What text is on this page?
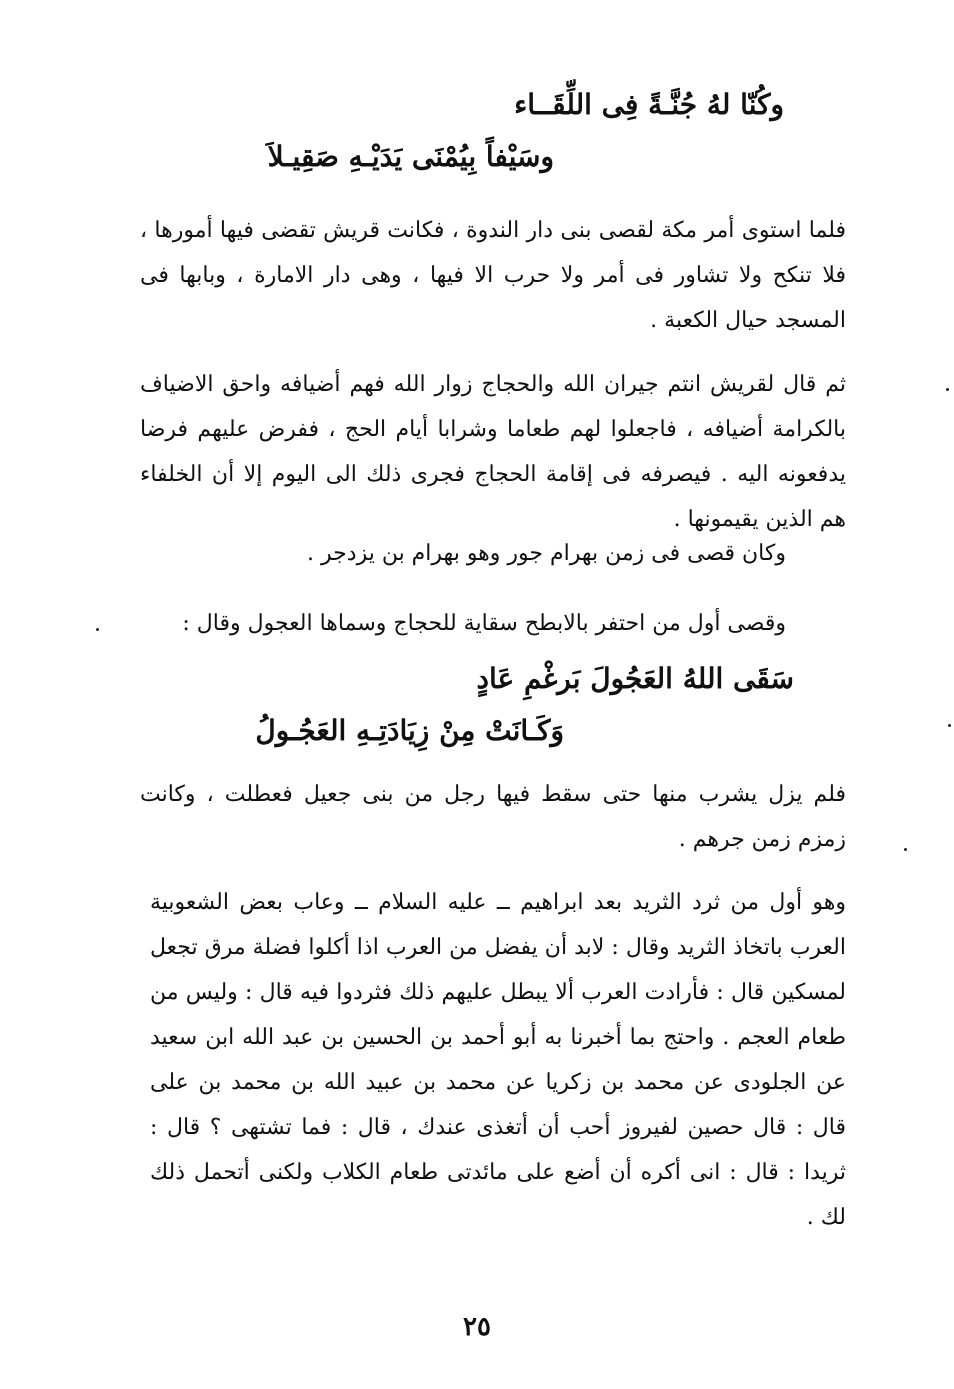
وكُنّا لهُ جُنَّـةً فِى اللِّقَــاء
وسَيْفاً بِيُمْنَى يَدَيْـهِ صَقِيـلاَ
فلما استوى أمر مكة لقصى بنى دار الندوة ، فكانت قريش تقضى فيها أمورها ، فلا تنكح ولا تشاور فى أمر ولا حرب الا فيها ، وهى دار الامارة ، وبابها فى المسجد حيال الكعبة .
ثم قال لقريش انتم جيران الله والحجاج زوار الله فهم أضيافه واحق الاضياف بالكرامة أضيافه ، فاجعلوا لهم طعاما وشرابا أيام الحج ، ففرض عليهم فرضا يدفعونه اليه . فيصرفه فى إقامة الحجاج فجرى ذلك الى اليوم إلا أن الخلفاء هم الذين يقيمونها .
وكان قصى فى زمن بهرام جور وهو بهرام بن يزدجر .
وقصى أول من احتفر بالابطح سقاية للحجاج وسماها العجول وقال :
سَقَى اللهُ العَجُولَ بَرغْمِ عَادٍ
وَكَـانَتْ مِنْ زِيَادَتِـهِ العَجُـولُ
فلم يزل يشرب منها حتى سقط فيها رجل من بنى جعيل فعطلت ، وكانت زمزم زمن جرهم .
وهو أول من ثرد الثريد بعد ابراهيم ــ عليه السلام ــ وعاب بعض الشعوبية العرب باتخاذ الثريد وقال : لابد أن يفضل من العرب اذا أكلوا فضلة مرق تجعل لمسكين قال : فأرادت العرب ألا يبطل عليهم ذلك فثردوا فيه قال : وليس من طعام العجم . واحتج بما أخبرنا به أبو أحمد بن الحسين بن عبد الله ابن سعيد عن الجلودى عن محمد بن زكريا عن محمد بن عبيد الله بن محمد بن على قال : قال حصين لفيروز أحب أن أتغذى عندك ، قال : فما تشتهى ؟ قال : ثريدا : قال : انى أكره أن أضع على مائدتى طعام الكلاب ولكنى أتحمل ذلك لك .
٢٥
